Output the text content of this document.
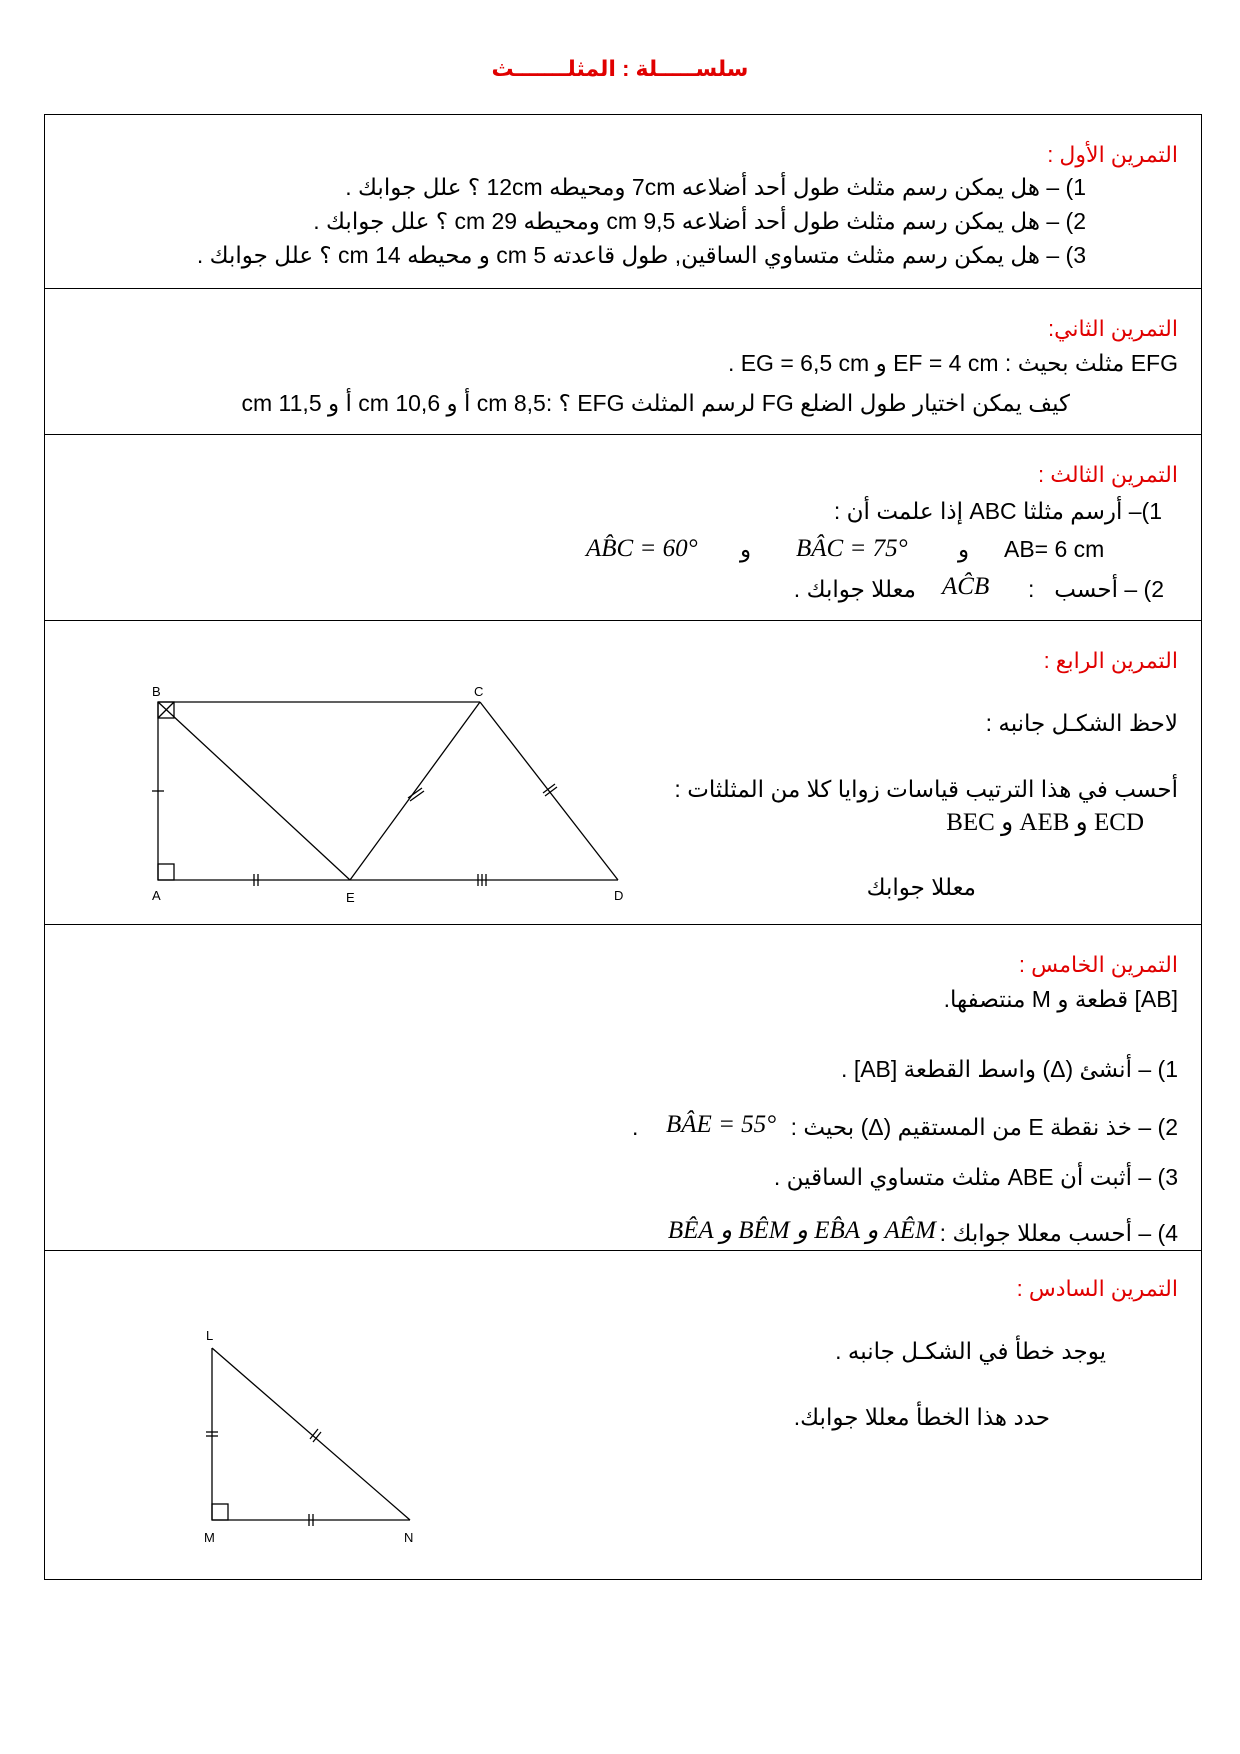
سلســـــلة : المثلـــــــث
التمرين الأول :
1) – هل يمكن رسم مثلث طول أحد أضلاعه 7cm ومحيطه 12cm ؟ علل جوابك .
2) – هل يمكن رسم مثلث طول أحد أضلاعه 9,5 cm ومحيطه 29 cm ؟ علل جوابك .
3) – هل يمكن رسم مثلث متساوي الساقين, طول قاعدته 5 cm و محيطه 14 cm ؟ علل جوابك .
التمرين الثاني:
EFG مثلث بحيث : EF = 4 cm و EG = 6,5 cm .
كيف يمكن اختيار طول الضلع FG لرسم المثلث EFG ؟ :8,5 cm أ و 10,6 cm أ و 11,5 cm
التمرين الثالث :
1)– أرسم مثلثا ABC إذا علمت أن :
AB= 6 cm
و
BÂC = 75°
و
AB̂C = 60°
2) – أحسب
:
AĈB
معللا جوابك .
التمرين الرابع :
لاحظ الشكـل جانبه :
أحسب في هذا الترتيب قياسات زوايا كلا من المثلثات :
ECD و AEB و BEC
معللا جوابك
A
B	C
D
E
التمرين الخامس :
[AB] قطعة و M منتصفها.
1) – أنشئ (Δ) واسط القطعة [AB] .
2) – خذ نقطة E من المستقيم (Δ) بحيث :
BÂE = 55°
.
3) – أثبت أن ABE مثلث متساوي الساقين .
4) – أحسب معللا جوابك :
AÊM و EB̂A و BÊM و BÊA
التمرين السادس :
يوجد خطأ في الشكـل جانبه .
حدد هذا الخطأ معللا جوابك.
L
M	N
